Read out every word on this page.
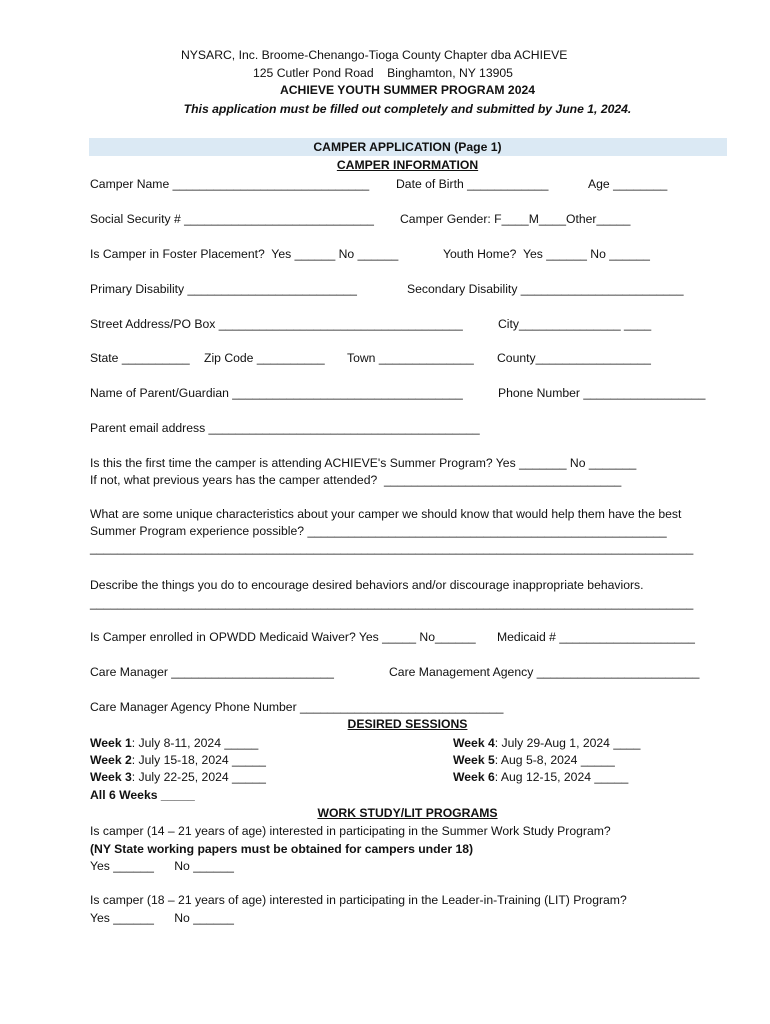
NYSARC, Inc. Broome-Chenango-Tioga County Chapter dba ACHIEVE
125 Cutler Pond Road    Binghamton, NY 13905
ACHIEVE YOUTH SUMMER PROGRAM 2024
This application must be filled out completely and submitted by June 1, 2024.
CAMPER APPLICATION (Page 1)
CAMPER INFORMATION
Camper Name _____________________________ Date of Birth ____________	Age ________
Social Security # ____________________________ Camper Gender: F____M____Other_____
Is Camper in Foster Placement?  Yes ______ No ______	Youth Home?  Yes ______ No ______
Primary Disability _________________________	Secondary Disability ________________________
Street Address/PO Box ____________________________________	City_______________ ____
State __________ Zip Code __________ Town ______________ County_________________
Name of Parent/Guardian __________________________________	Phone Number __________________
Parent email address ________________________________________
Is this the first time the camper is attending ACHIEVE's Summer Program? Yes _______ No _______
If not, what previous years has the camper attended?  ___________________________________
What are some unique characteristics about your camper we should know that would help them have the best
Summer Program experience possible? _____________________________________________________
_________________________________________________________________________________________
Describe the things you do to encourage desired behaviors and/or discourage inappropriate behaviors.
_________________________________________________________________________________________
Is Camper enrolled in OPWDD Medicaid Waiver? Yes _____ No______ Medicaid # ____________________
Care Manager ________________________	Care Management Agency ________________________
Care Manager Agency Phone Number ______________________________
DESIRED SESSIONS
Week 1: July 8-11, 2024 _____
Week 2: July 15-18, 2024 _____
Week 3: July 22-25, 2024 _____
Week 4: July 29-Aug 1, 2024 ____
Week 5: Aug 5-8, 2024 _____
Week 6: Aug 12-15, 2024 _____
All 6 Weeks _____
WORK STUDY/LIT PROGRAMS
Is camper (14 – 21 years of age) interested in participating in the Summer Work Study Program?
(NY State working papers must be obtained for campers under 18)
Yes ______      No ______
Is camper (18 – 21 years of age) interested in participating in the Leader-in-Training (LIT) Program?
Yes ______      No ______
